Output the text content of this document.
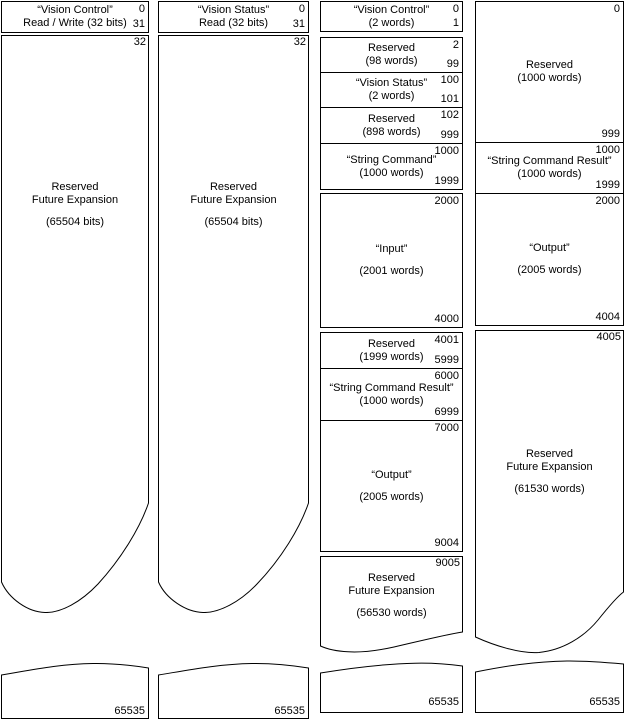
“Vision Control”
Read / Write (32 bits)
0
31
32
Reserved
Future Expansion
(65504 bits)
65535
“Vision Status”
Read (32 bits)
0
31
32
Reserved
Future Expansion
(65504 bits)
65535
“Vision Control”
(2 words)
0
1
Reserved
(98 words)
2
99
“Vision Status”
(2 words)
100
101
Reserved
(898 words)
102
999
“String Command”
(1000 words)
1000
1999
“Input”
(2001 words)
2000
4000
Reserved
(1999 words)
4001
5999
“String Command Result”
(1000 words)
6000
6999
“Output”
(2005 words)
7000
9004
9005
Reserved
Future Expansion
(56530 words)
65535
Reserved
(1000 words)
0
999
“String Command Result”
(1000 words)
1000
1999
“Output”
(2005 words)
2000
4004
4005
Reserved
Future Expansion
(61530 words)
65535
